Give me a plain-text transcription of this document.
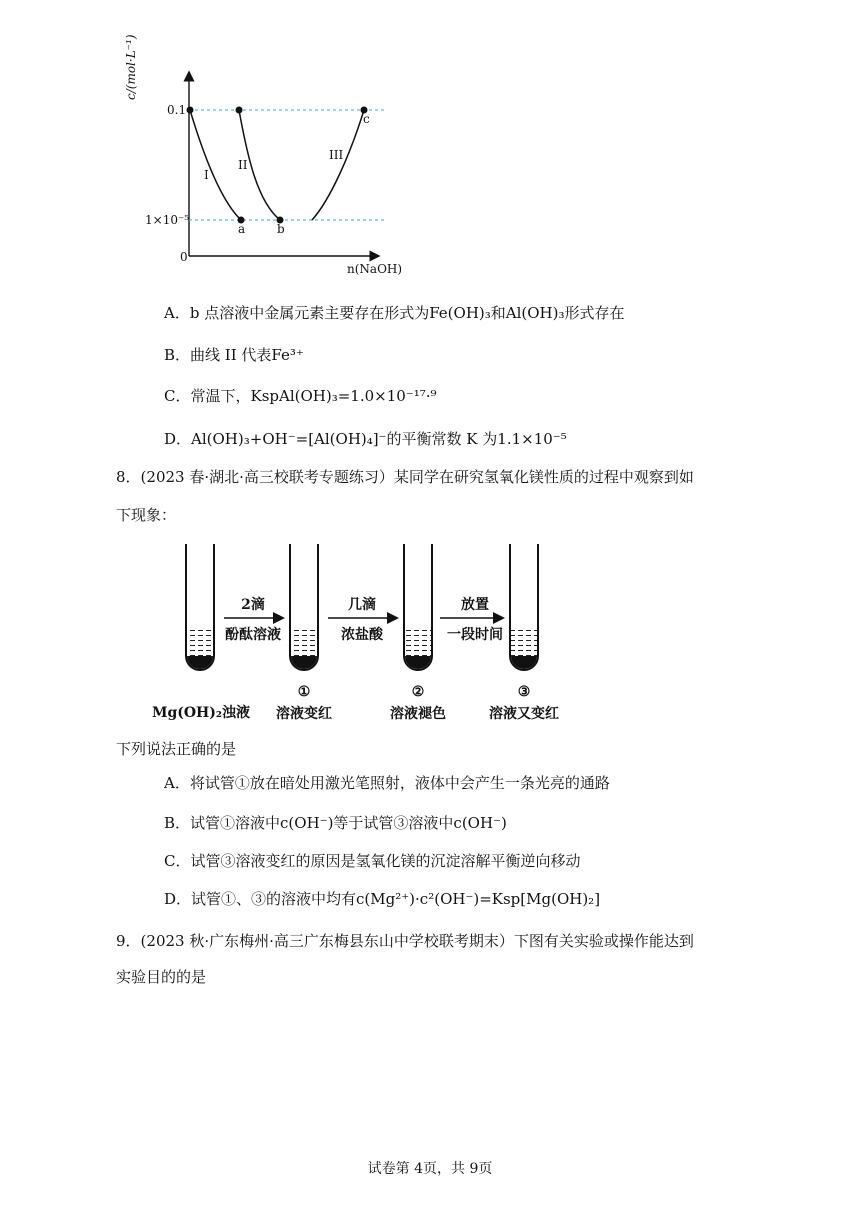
c/(mol·L⁻¹)
0.1
1×10⁻⁵
0
n(NaOH)
I
II
III
a	b
c
A．b 点溶液中金属元素主要存在形式为Fe(OH)₃和Al(OH)₃形式存在
B．曲线 II 代表Fe³⁺
C．常温下，KspAl(OH)₃=1.0×10⁻¹⁷·⁹
D．Al(OH)₃+OH⁻=[Al(OH)₄]⁻的平衡常数 K 为1.1×10⁻⁵
8．(2023 春·湖北·高三校联考专题练习）某同学在研究氢氧化镁性质的过程中观察到如
下现象：
2滴
酚酞溶液
几滴
浓盐酸
放置
一段时间
Mg(OH)₂浊液
①
溶液变红
②
溶液褪色
③
溶液又变红
下列说法正确的是
A．将试管①放在暗处用激光笔照射，液体中会产生一条光亮的通路
B．试管①溶液中c(OH⁻)等于试管③溶液中c(OH⁻)
C．试管③溶液变红的原因是氢氧化镁的沉淀溶解平衡逆向移动
D．试管①、③的溶液中均有c(Mg²⁺)·c²(OH⁻)=Ksp[Mg(OH)₂]
9．(2023 秋·广东梅州·高三广东梅县东山中学校联考期末）下图有关实验或操作能达到
实验目的的是
试卷第 4页，共 9页
